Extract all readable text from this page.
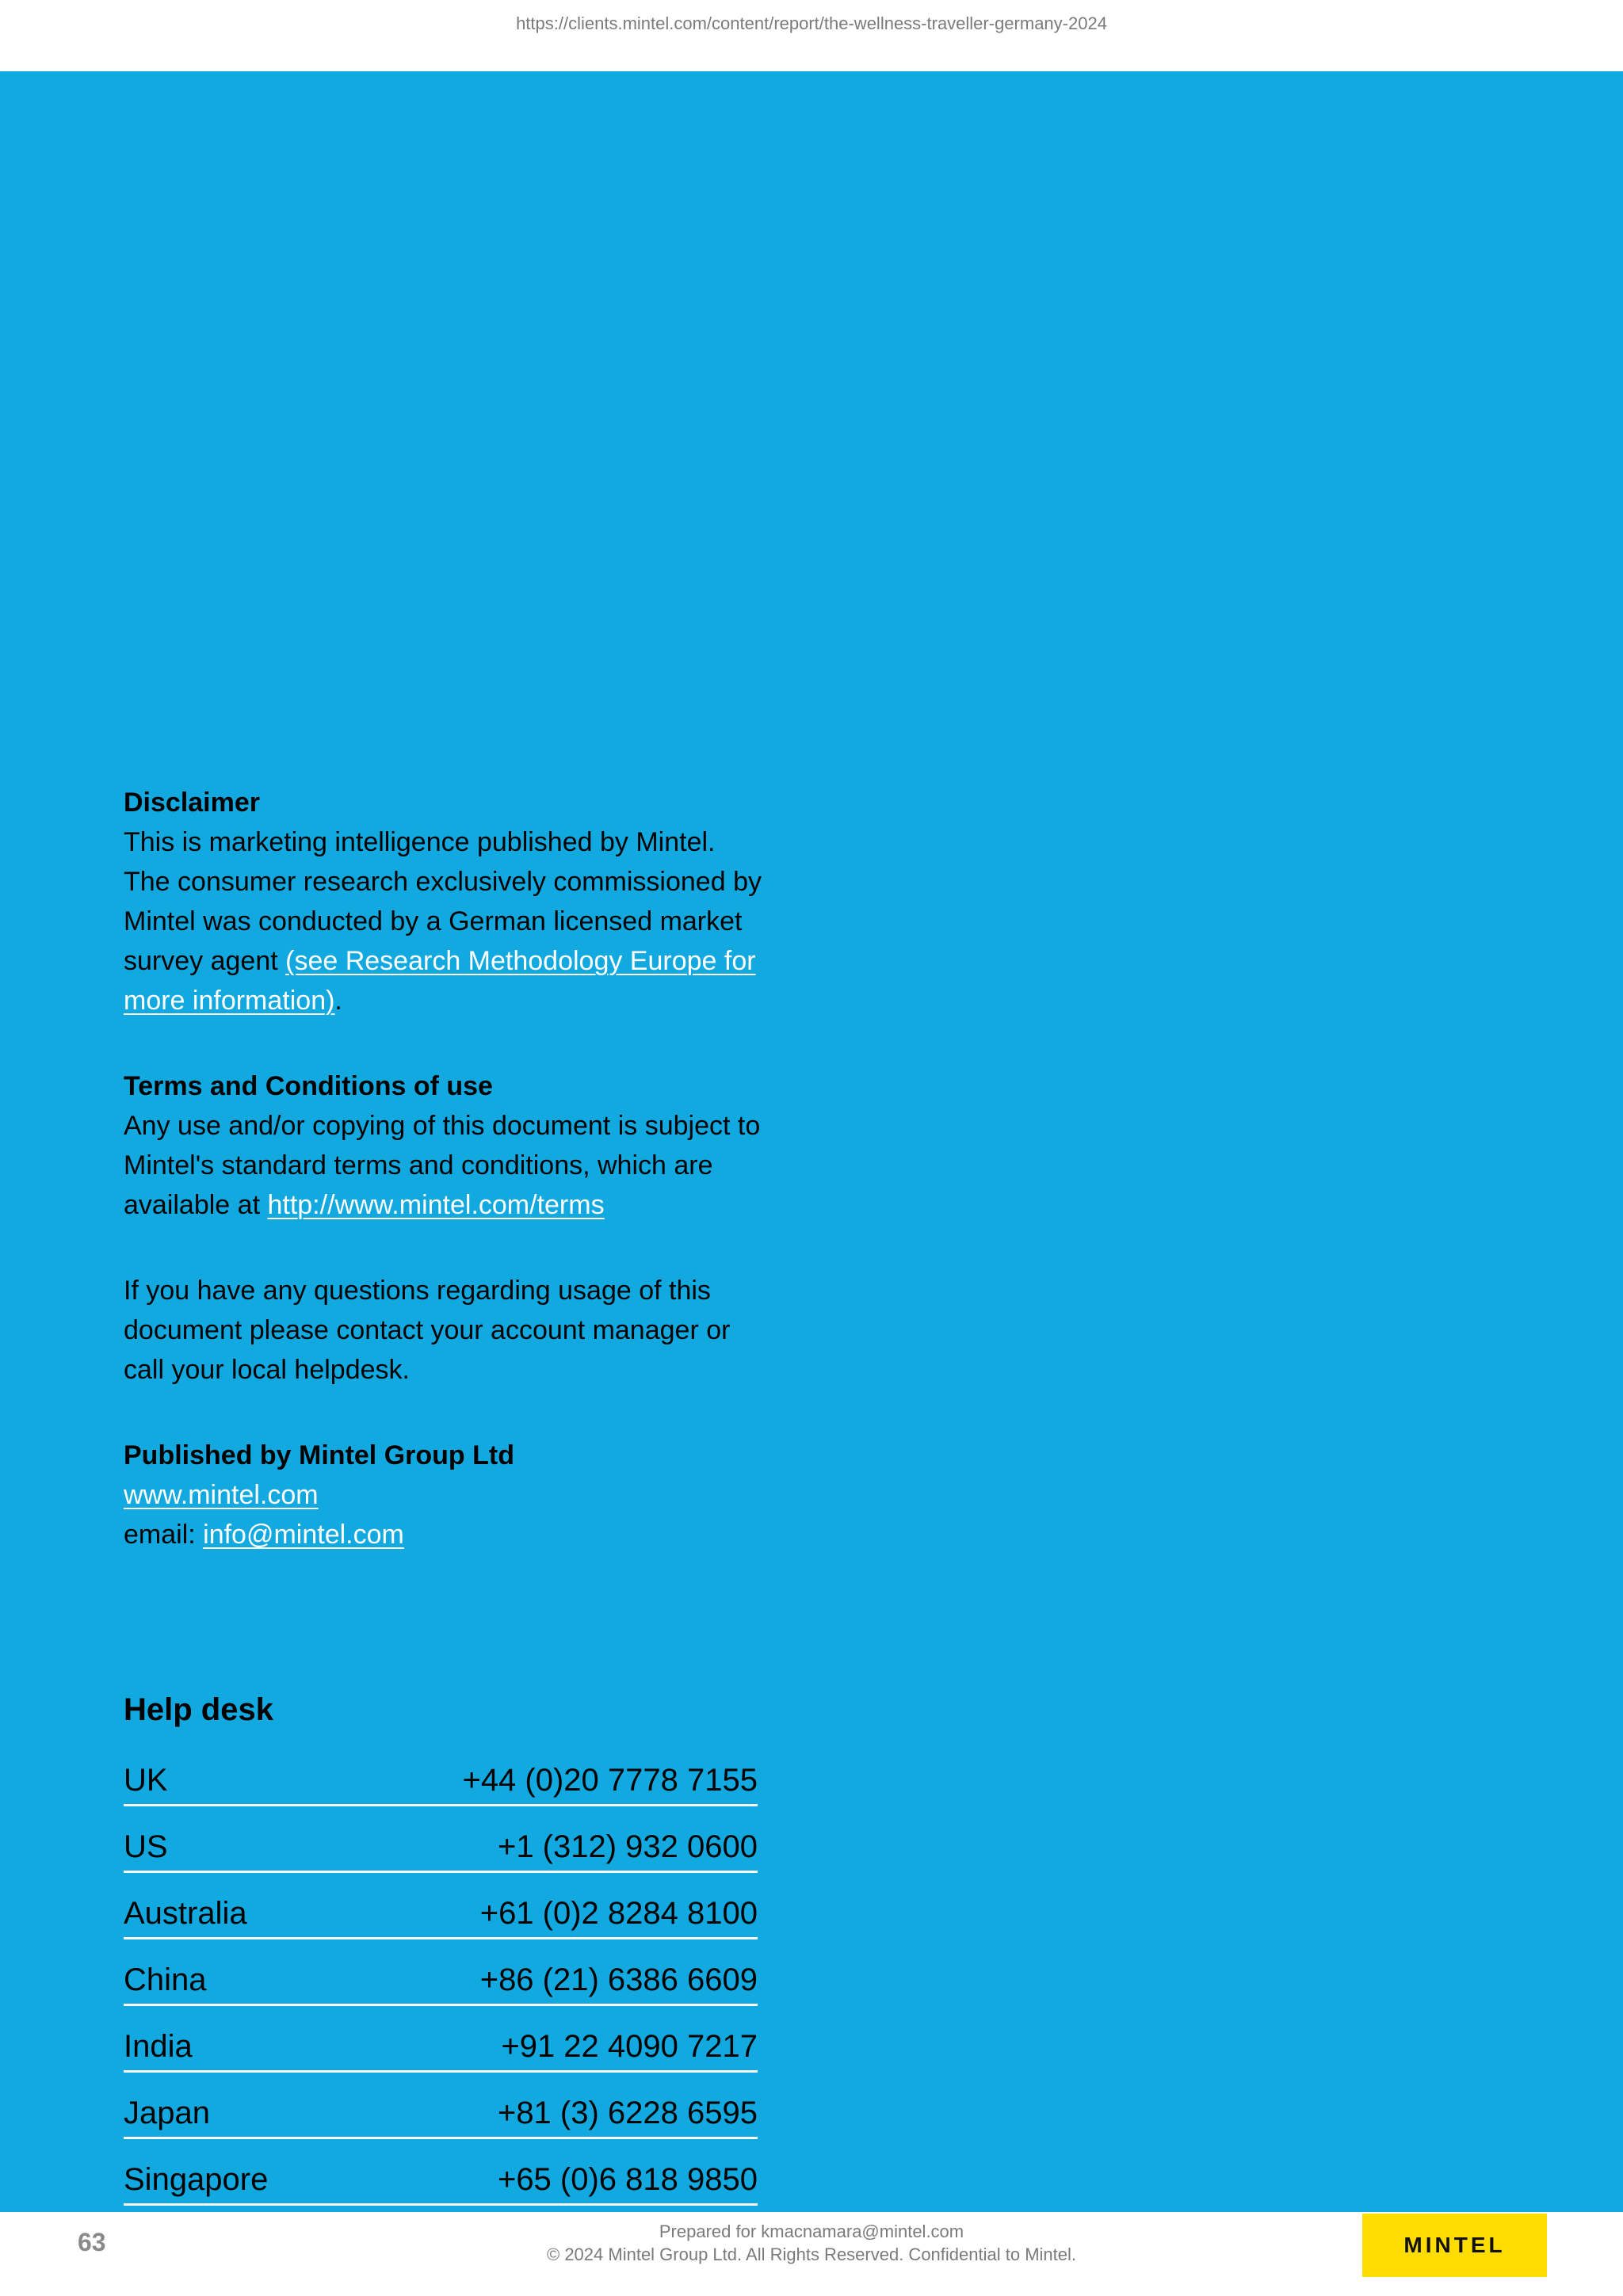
https://clients.mintel.com/content/report/the-wellness-traveller-germany-2024
Disclaimer

This is marketing intelligence published by Mintel. The consumer research exclusively commissioned by Mintel was conducted by a German licensed market survey agent (see Research Methodology Europe for more information).

Terms and Conditions of use

Any use and/or copying of this document is subject to Mintel's standard terms and conditions, which are available at http://www.mintel.com/terms

If you have any questions regarding usage of this document please contact your account manager or call your local helpdesk.

Published by Mintel Group Ltd

www.mintel.com

email: info@mintel.com

Help desk
UK	+44 (0)20 7778 7155
US	+1 (312) 932 0600
Australia	+61 (0)2 8284 8100
China	+86 (21) 6386 6609
India	+91 22 4090 7217
Japan	+81 (3) 6228 6595
Singapore	+65 (0)6 818 9850
63	Prepared for kmacnamara@mintel.com
© 2024 Mintel Group Ltd. All Rights Reserved. Confidential to Mintel.	MINTEL
